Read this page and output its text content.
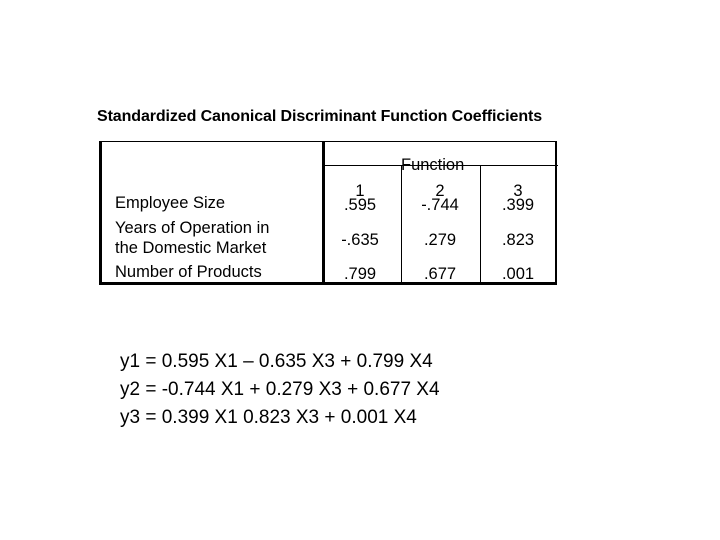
Standardized Canonical Discriminant Function Coefficients
Function
1	2	3
Employee Size	.595	-.744	.399
Years of Operation in
the Domestic Market	-.635	.279	.823
Number of Products	.799	.677	.001
y1 = 0.595 X1 – 0.635 X3 + 0.799 X4
y2 = -0.744 X1 + 0.279 X3 + 0.677 X4
y3 = 0.399 X1 0.823 X3 + 0.001 X4
